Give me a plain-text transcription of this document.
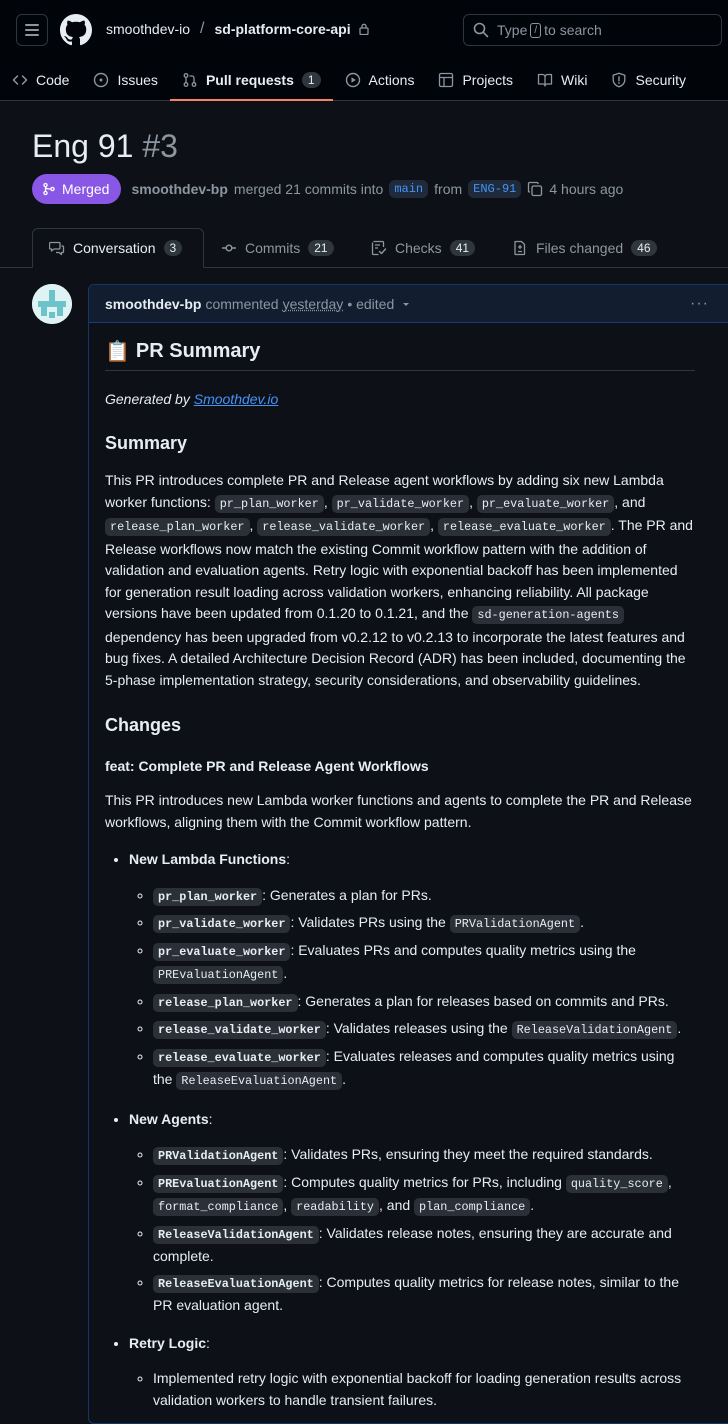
smoothdev-io / sd-platform-core-api	Type / to search
Code	Issues	Pull requests	1	Actions	Projects	Wiki	Security
Eng 91 #3
Merged smoothdev-bp merged 21 commits into main from ENG-91	4 hours ago
Conversation	3	Commits	21	Checks	41	Files changed	46
smoothdev-bp commented yesterday • edited	···
📋 PR Summary
Generated by Smoothdev.io
Summary

This PR introduces complete PR and Release agent workflows by adding six new Lambda worker functions: pr_plan_worker , pr_validate_worker , pr_evaluate_worker , and release_plan_worker , release_validate_worker , release_evaluate_worker . The PR and Release workflows now match the existing Commit workflow pattern with the addition of validation and evaluation agents. Retry logic with exponential backoff has been implemented for generation result loading across validation workers, enhancing reliability. All package versions have been updated from 0.1.20 to 0.1.21, and the sd-generation-agents dependency has been upgraded from v0.2.12 to v0.2.13 to incorporate the latest features and bug fixes. A detailed Architecture Decision Record (ADR) has been included, documenting the 5-phase implementation strategy, security considerations, and observability guidelines.

Changes
feat: Complete PR and Release Agent Workflows

This PR introduces new Lambda worker functions and agents to complete the PR and Release workflows, aligning them with the Commit workflow pattern.

• New Lambda Functions:
◦ pr_plan_worker : Generates a plan for PRs.
◦ pr_validate_worker : Validates PRs using the PRValidationAgent .
◦ pr_evaluate_worker : Evaluates PRs and computes quality metrics using the PREvaluationAgent .
◦ release_plan_worker : Generates a plan for releases based on commits and PRs.
◦ release_validate_worker : Validates releases using the ReleaseValidationAgent .
◦ release_evaluate_worker : Evaluates releases and computes quality metrics using the ReleaseEvaluationAgent .
• New Agents:
◦ PRValidationAgent : Validates PRs, ensuring they meet the required standards.
◦ PREvaluationAgent : Computes quality metrics for PRs, including quality_score , format_compliance , readability , and plan_compliance .
◦ ReleaseValidationAgent : Validates release notes, ensuring they are accurate and complete.
◦ ReleaseEvaluationAgent : Computes quality metrics for release notes, similar to the PR evaluation agent.
• Retry Logic:
◦ Implemented retry logic with exponential backoff for loading generation results across validation workers to handle transient failures.
